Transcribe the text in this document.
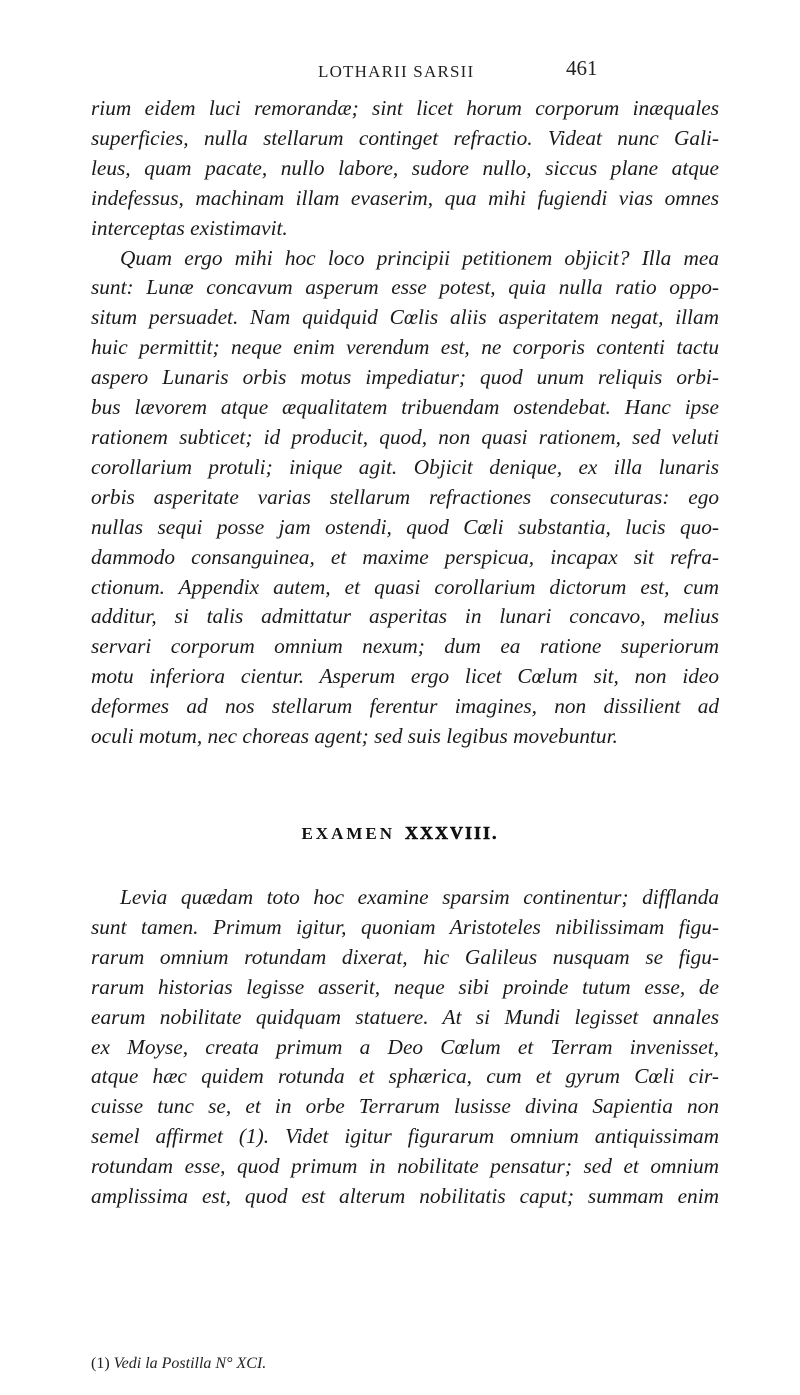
LOTHARII SARSII	461

rium eidem luci remorandæ; sint licet horum corporum inæquales
superficies, nulla stellarum continget refractio. Videat nunc Gali-
leus, quam pacate, nullo labore, sudore nullo, siccus plane atque
indefessus, machinam illam evaserim, qua mihi fugiendi vias omnes
interceptas existimavit.

Quam ergo mihi hoc loco principii petitionem objicit? Illa mea
sunt: Lunæ concavum asperum esse potest, quia nulla ratio oppo-
situm persuadet. Nam quidquid Cœlis aliis asperitatem negat, illam
huic permittit; neque enim verendum est, ne corporis contenti tactu
aspero Lunaris orbis motus impediatur; quod unum reliquis orbi-
bus lævorem atque æqualitatem tribuendam ostendebat. Hanc ipse
rationem subticet; id producit, quod, non quasi rationem, sed veluti
corollarium protuli; inique agit. Objicit denique, ex illa lunaris
orbis asperitate varias stellarum refractiones consecuturas: ego
nullas sequi posse jam ostendi, quod Cœli substantia, lucis quo-
dammodo consanguinea, et maxime perspicua, incapax sit refra-
ctionum. Appendix autem, et quasi corollarium dictorum est, cum
additur, si talis admittatur asperitas in lunari concavo, melius
servari corporum omnium nexum; dum ea ratione superiorum
motu inferiora cientur. Asperum ergo licet Cœlum sit, non ideo
deformes ad nos stellarum ferentur imagines, non dissilient ad
oculi motum, nec choreas agent; sed suis legibus movebuntur.

EXAMEN XXXVIII.

Levia quædam toto hoc examine sparsim continentur; difflanda
sunt tamen. Primum igitur, quoniam Aristoteles nibilissimam figu-
rarum omnium rotundam dixerat, hic Galileus nusquam se figu-
rarum historias legisse asserit, neque sibi proinde tutum esse, de
earum nobilitate quidquam statuere. At si Mundi legisset annales
ex Moyse, creata primum a Deo Cœlum et Terram invenisset,
atque hæc quidem rotunda et sphærica, cum et gyrum Cœli cir-
cuisse tunc se, et in orbe Terrarum lusisse divina Sapientia non
semel affirmet (1). Videt igitur figurarum omnium antiquissimam
rotundam esse, quod primum in nobilitate pensatur; sed et omnium
amplissima est, quod est alterum nobilitatis caput; summam enim

(1) Vedi la Postilla N° XCI.
